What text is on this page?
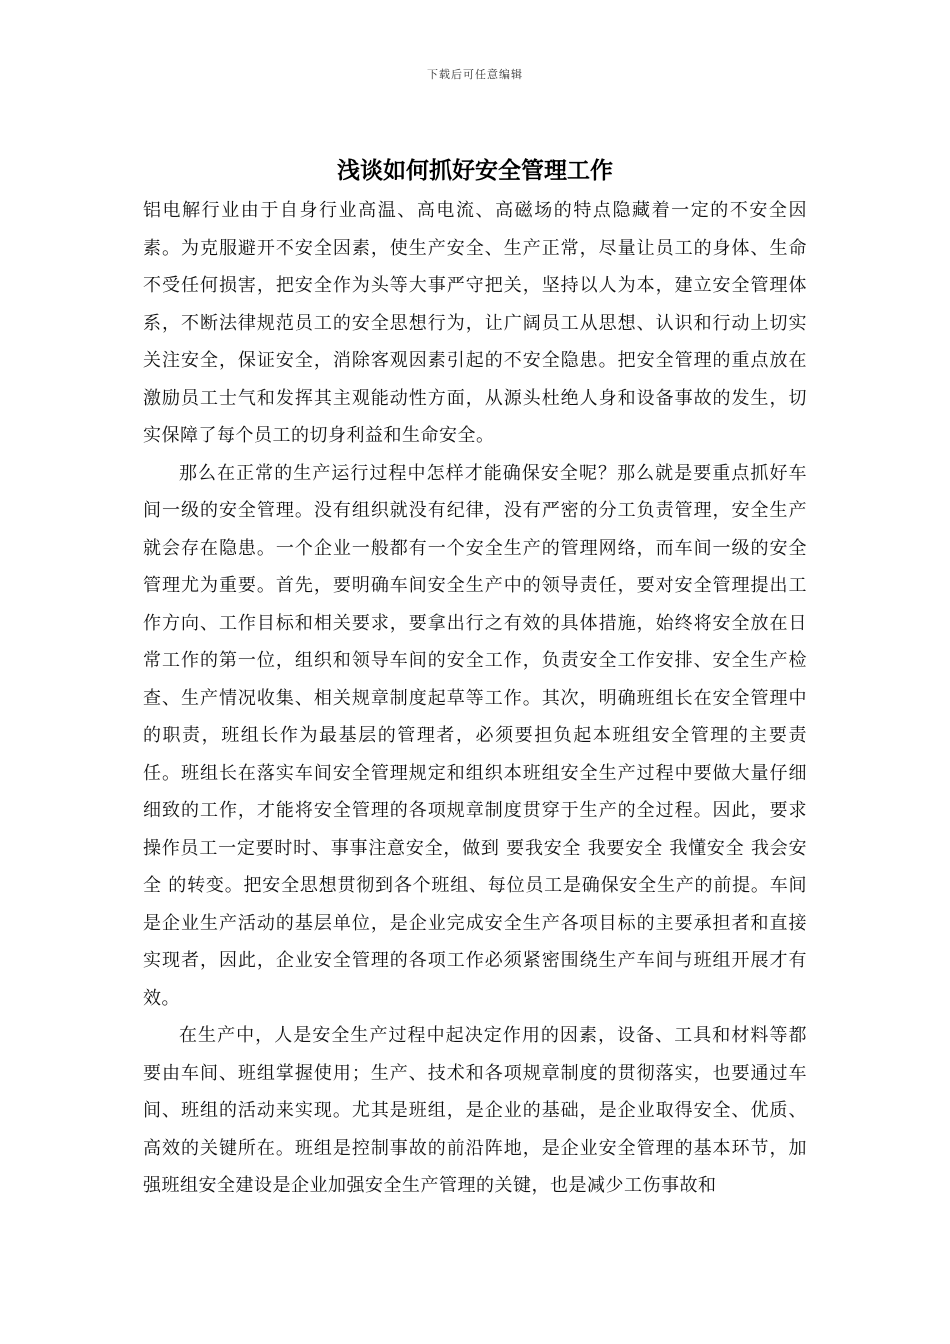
下载后可任意编辑
浅谈如何抓好安全管理工作

铝电解行业由于自身行业高温、高电流、高磁场的特点隐藏着一定的不安全因素。为克服避开不安全因素，使生产安全、生产正常，尽量让员工的身体、生命不受任何损害，把安全作为头等大事严守把关，坚持以人为本，建立安全管理体系，不断法律规范员工的安全思想行为，让广阔员工从思想、认识和行动上切实关注安全，保证安全，消除客观因素引起的不安全隐患。把安全管理的重点放在激励员工士气和发挥其主观能动性方面，从源头杜绝人身和设备事故的发生，切实保障了每个员工的切身利益和生命安全。

那么在正常的生产运行过程中怎样才能确保安全呢？那么就是要重点抓好车间一级的安全管理。没有组织就没有纪律，没有严密的分工负责管理，安全生产就会存在隐患。一个企业一般都有一个安全生产的管理网络，而车间一级的安全管理尤为重要。首先，要明确车间安全生产中的领导责任，要对安全管理提出工作方向、工作目标和相关要求，要拿出行之有效的具体措施，始终将安全放在日常工作的第一位，组织和领导车间的安全工作，负责安全工作安排、安全生产检查、生产情况收集、相关规章制度起草等工作。其次，明确班组长在安全管理中的职责，班组长作为最基层的管理者，必须要担负起本班组安全管理的主要责任。班组长在落实车间安全管理规定和组织本班组安全生产过程中要做大量仔细细致的工作，才能将安全管理的各项规章制度贯穿于生产的全过程。因此，要求操作员工一定要时时、事事注意安全，做到 要我安全 我要安全 我懂安全 我会安全 的转变。把安全思想贯彻到各个班组、每位员工是确保安全生产的前提。车间是企业生产活动的基层单位，是企业完成安全生产各项目标的主要承担者和直接实现者，因此，企业安全管理的各项工作必须紧密围绕生产车间与班组开展才有效。

在生产中，人是安全生产过程中起决定作用的因素，设备、工具和材料等都要由车间、班组掌握使用；生产、技术和各项规章制度的贯彻落实，也要通过车间、班组的活动来实现。尤其是班组，是企业的基础，是企业取得安全、优质、高效的关键所在。班组是控制事故的前沿阵地，是企业安全管理的基本环节，加强班组安全建设是企业加强安全生产管理的关键，也是减少工伤事故和
